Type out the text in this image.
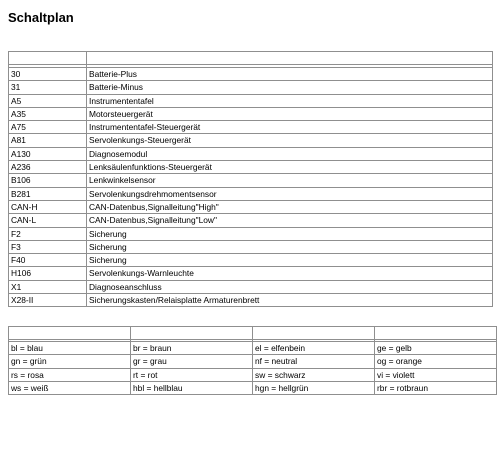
Schaltplan

30	Batterie-Plus
31	Batterie-Minus
A5	Instrumententafel
A35	Motorsteuergerät
A75	Instrumententafel-Steuergerät
A81	Servolenkungs-Steuergerät
A130	Diagnosemodul
A236	Lenksäulenfunktions-Steuergerät
B106	Lenkwinkelsensor
B281	Servolenkungsdrehmomentsensor
CAN-H	CAN-Datenbus,Signalleitung"High"
CAN-L	CAN-Datenbus,Signalleitung"Low"
F2	Sicherung
F3	Sicherung
F40	Sicherung
H106	Servolenkungs-Warnleuchte
X1	Diagnoseanschluss
X28-II	Sicherungskasten/Relaisplatte Armaturenbrett

bl = blau	br = braun	el = elfenbein	ge = gelb
gn = grün	gr = grau	nf = neutral	og = orange
rs = rosa	rt = rot	sw = schwarz	vi = violett
ws = weiß	hbl = hellblau	hgn = hellgrün	rbr = rotbraun
